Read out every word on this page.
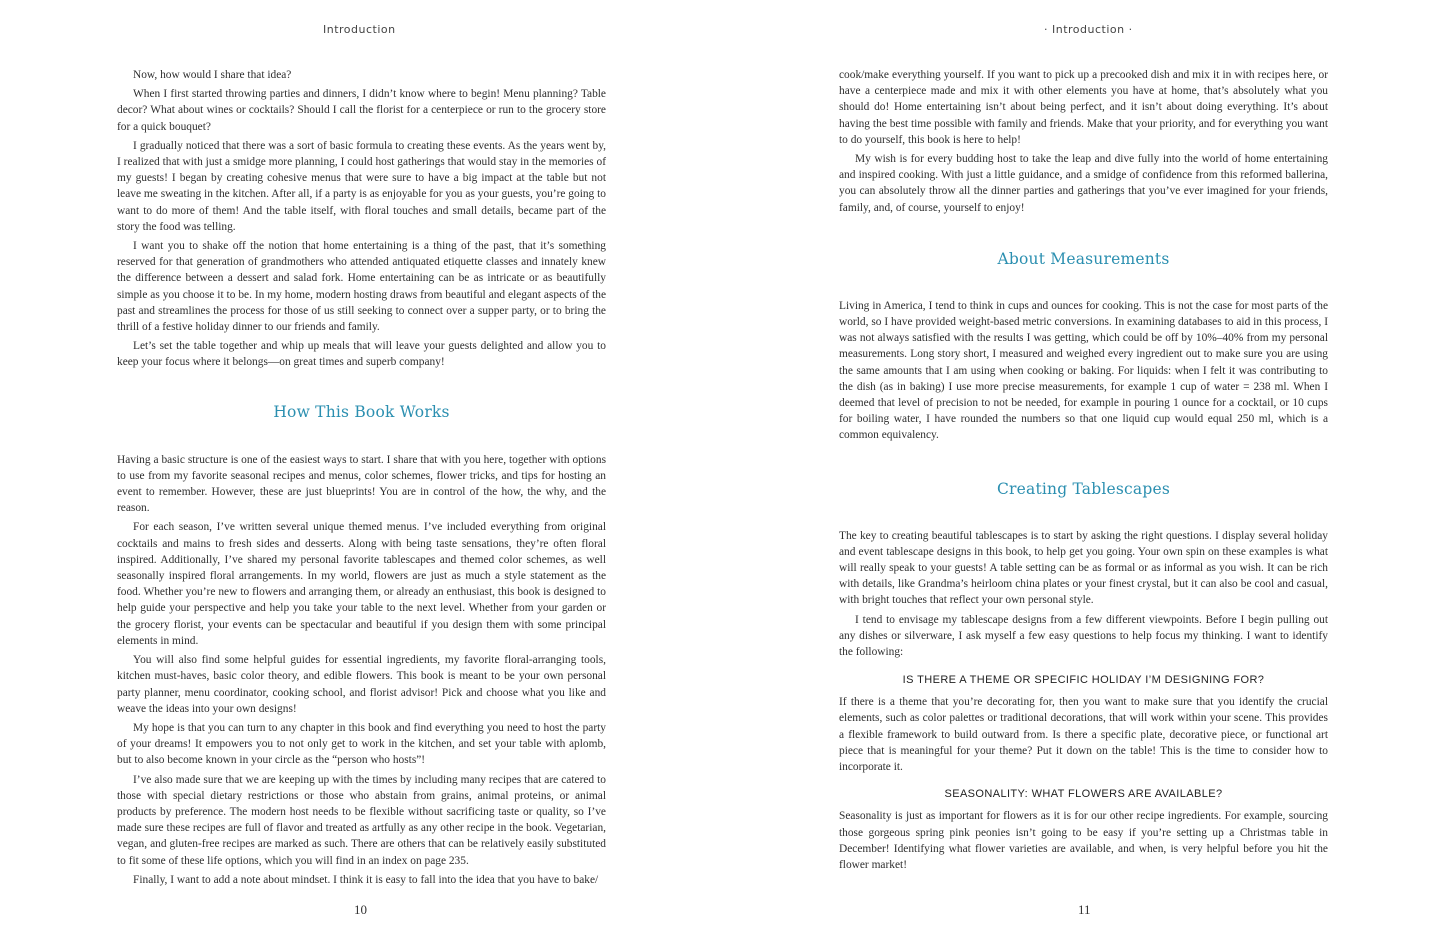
Introduction

Now, how would I share that idea?

When I first started throwing parties and dinners, I didn’t know where to begin! Menu planning? Table decor? What about wines or cocktails? Should I call the florist for a centerpiece or run to the grocery store for a quick bouquet?

I gradually noticed that there was a sort of basic formula to creating these events. As the years went by, I realized that with just a smidge more planning, I could host gatherings that would stay in the memories of my guests! I began by creating cohesive menus that were sure to have a big impact at the table but not leave me sweating in the kitchen. After all, if a party is as enjoyable for you as your guests, you’re going to want to do more of them! And the table itself, with floral touches and small details, became part of the story the food was telling.

I want you to shake off the notion that home entertaining is a thing of the past, that it’s something reserved for that generation of grandmothers who attended antiquated etiquette classes and innately knew the difference between a dessert and salad fork. Home entertaining can be as intricate or as beautifully simple as you choose it to be. In my home, modern hosting draws from beautiful and elegant aspects of the past and streamlines the process for those of us still seeking to connect over a supper party, or to bring the thrill of a festive holiday dinner to our friends and family.

Let’s set the table together and whip up meals that will leave your guests delighted and allow you to keep your focus where it belongs—on great times and superb company!

How This Book Works

Having a basic structure is one of the easiest ways to start. I share that with you here, together with options to use from my favorite seasonal recipes and menus, color schemes, flower tricks, and tips for hosting an event to remember. However, these are just blueprints! You are in control of the how, the why, and the reason.

For each season, I’ve written several unique themed menus. I’ve included everything from original cocktails and mains to fresh sides and desserts. Along with being taste sensations, they’re often floral inspired. Additionally, I’ve shared my personal favorite tablescapes and themed color schemes, as well seasonally inspired floral arrangements. In my world, flowers are just as much a style statement as the food. Whether you’re new to flowers and arranging them, or already an enthusiast, this book is designed to help guide your perspective and help you take your table to the next level. Whether from your garden or the grocery florist, your events can be spectacular and beautiful if you design them with some principal elements in mind.

You will also find some helpful guides for essential ingredients, my favorite floral-arranging tools, kitchen must-haves, basic color theory, and edible flowers. This book is meant to be your own personal party planner, menu coordinator, cooking school, and florist advisor! Pick and choose what you like and weave the ideas into your own designs!

My hope is that you can turn to any chapter in this book and find everything you need to host the party of your dreams! It empowers you to not only get to work in the kitchen, and set your table with aplomb, but to also become known in your circle as the “person who hosts”!

I’ve also made sure that we are keeping up with the times by including many recipes that are catered to those with special dietary restrictions or those who abstain from grains, animal proteins, or animal products by preference. The modern host needs to be flexible without sacrificing taste or quality, so I’ve made sure these recipes are full of flavor and treated as artfully as any other recipe in the book. Vegetarian, vegan, and gluten-free recipes are marked as such. There are others that can be relatively easily substituted to fit some of these life options, which you will find in an index on page 235.

Finally, I want to add a note about mindset. I think it is easy to fall into the idea that you have to bake/

10
· Introduction ·

cook/make everything yourself. If you want to pick up a precooked dish and mix it in with recipes here, or have a centerpiece made and mix it with other elements you have at home, that’s absolutely what you should do! Home entertaining isn’t about being perfect, and it isn’t about doing everything. It’s about having the best time possible with family and friends. Make that your priority, and for everything you want to do yourself, this book is here to help!

My wish is for every budding host to take the leap and dive fully into the world of home entertaining and inspired cooking. With just a little guidance, and a smidge of confidence from this reformed ballerina, you can absolutely throw all the dinner parties and gatherings that you’ve ever imagined for your friends, family, and, of course, yourself to enjoy!

About Measurements

Living in America, I tend to think in cups and ounces for cooking. This is not the case for most parts of the world, so I have provided weight-based metric conversions. In examining databases to aid in this process, I was not always satisfied with the results I was getting, which could be off by 10%–40% from my personal measurements. Long story short, I measured and weighed every ingredient out to make sure you are using the same amounts that I am using when cooking or baking. For liquids: when I felt it was contributing to the dish (as in baking) I use more precise measurements, for example 1 cup of water = 238 ml. When I deemed that level of precision to not be needed, for example in pouring 1 ounce for a cocktail, or 10 cups for boiling water, I have rounded the numbers so that one liquid cup would equal 250 ml, which is a common equivalency.

Creating Tablescapes

The key to creating beautiful tablescapes is to start by asking the right questions. I display several holiday and event tablescape designs in this book, to help get you going. Your own spin on these examples is what will really speak to your guests! A table setting can be as formal or as informal as you wish. It can be rich with details, like Grandma’s heirloom china plates or your finest crystal, but it can also be cool and casual, with bright touches that reflect your own personal style.

I tend to envisage my tablescape designs from a few different viewpoints. Before I begin pulling out any dishes or silverware, I ask myself a few easy questions to help focus my thinking. I want to identify the following:

IS THERE A THEME OR SPECIFIC HOLIDAY I’M DESIGNING FOR?

If there is a theme that you’re decorating for, then you want to make sure that you identify the crucial elements, such as color palettes or traditional decorations, that will work within your scene. This provides a flexible framework to build outward from. Is there a specific plate, decorative piece, or functional art piece that is meaningful for your theme? Put it down on the table! This is the time to consider how to incorporate it.

SEASONALITY: WHAT FLOWERS ARE AVAILABLE?

Seasonality is just as important for flowers as it is for our other recipe ingredients. For example, sourcing those gorgeous spring pink peonies isn’t going to be easy if you’re setting up a Christmas table in December! Identifying what flower varieties are available, and when, is very helpful before you hit the flower market!

11
